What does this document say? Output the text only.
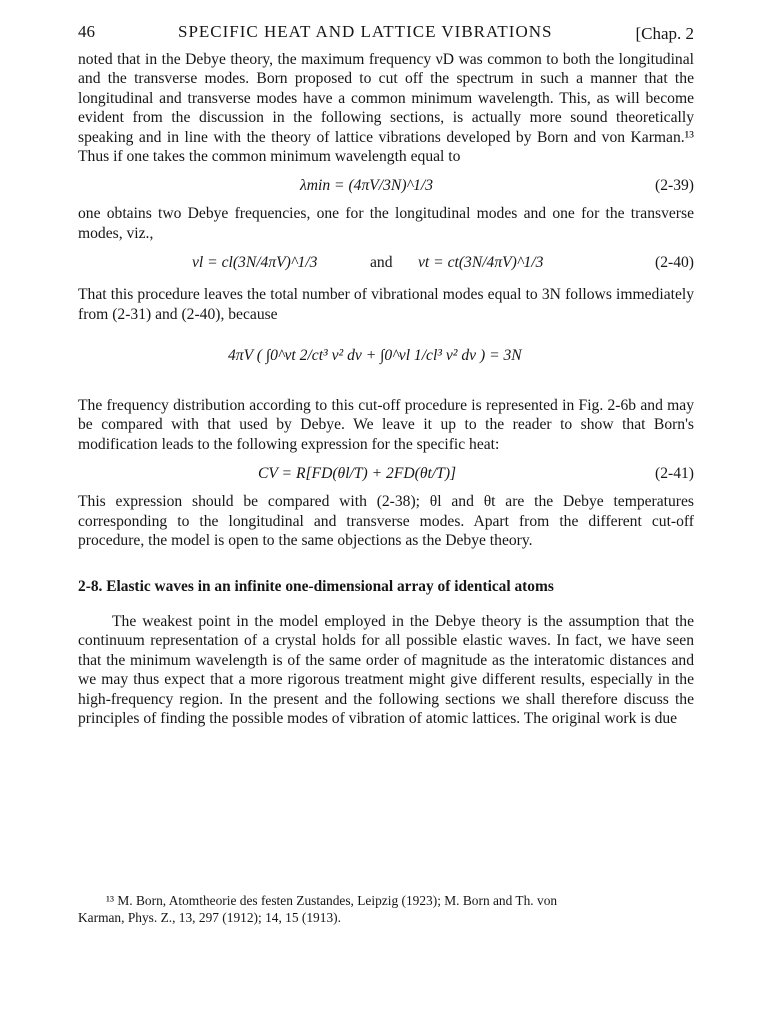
46	SPECIFIC HEAT AND LATTICE VIBRATIONS	[Chap. 2

noted that in the Debye theory, the maximum frequency νD was common to both the longitudinal and the transverse modes. Born proposed to cut off the spectrum in such a manner that the longitudinal and transverse modes have a common minimum wavelength. This, as will become evident from the discussion in the following sections, is actually more sound theoretically speaking and in line with the theory of lattice vibrations developed by Born and von Karman.¹³ Thus if one takes the common minimum wavelength equal to

λmin = (4πV/3N)^1/3	(2-39)

one obtains two Debye frequencies, one for the longitudinal modes and one for the transverse modes, viz.,

νl = cl(3N/4πV)^1/3	and νt = ct(3N/4πV)^1/3	(2-40)

That this procedure leaves the total number of vibrational modes equal to 3N follows immediately from (2-31) and (2-40), because

4πV ( ∫0^νt 2/ct³ ν² dν + ∫0^νl 1/cl³ ν² dν ) = 3N

The frequency distribution according to this cut-off procedure is represented in Fig. 2-6b and may be compared with that used by Debye. We leave it up to the reader to show that Born's modification leads to the following expression for the specific heat:

CV = R[FD(θl/T) + 2FD(θt/T)]	(2-41)

This expression should be compared with (2-38); θl and θt are the Debye temperatures corresponding to the longitudinal and transverse modes. Apart from the different cut-off procedure, the model is open to the same objections as the Debye theory.

2-8. Elastic waves in an infinite one-dimensional array of identical atoms

The weakest point in the model employed in the Debye theory is the assumption that the continuum representation of a crystal holds for all possible elastic waves. In fact, we have seen that the minimum wavelength is of the same order of magnitude as the interatomic distances and we may thus expect that a more rigorous treatment might give different results, especially in the high-frequency region. In the present and the following sections we shall therefore discuss the principles of finding the possible modes of vibration of atomic lattices. The original work is due

¹³ M. Born, Atomtheorie des festen Zustandes, Leipzig (1923); M. Born and Th. von
Karman, Phys. Z., 13, 297 (1912); 14, 15 (1913).
